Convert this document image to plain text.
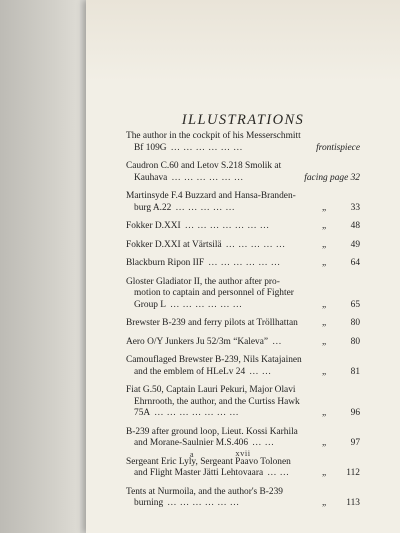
ILLUSTRATIONS
The author in the cockpit of his Messerschmitt
Bf 109G … … … … … …	frontispiece
Caudron C.60 and Letov S.218 Smolik at
Kauhava … … … … … …	facing page 32
Martinsyde F.4 Buzzard and Hansa-Branden-
burg A.22 … … … … …	„	33
Fokker D.XXI … … … … … … …	„	48
Fokker D.XXI at Värtsilä … … … … …	„	49
Blackburn Ripon IIF … … … … … …	„	64
Gloster Gladiator II, the author after pro-
motion to captain and personnel of Fighter
Group L … … … … … …	„	65
Brewster B-239 and ferry pilots at Tröllhattan	„	80
Aero O/Y Junkers Ju 52/3m “Kaleva” …	„	80
Camouflaged Brewster B-239, Nils Katajainen
and the emblem of HLeLv 24 … …	„	81
Fiat G.50, Captain Lauri Pekuri, Major Olavi
Ehrnrooth, the author, and the Curtiss Hawk
75A … … … … … … …	„	96
B-239 after ground loop, Lieut. Kossi Karhila
and Morane-Saulnier M.S.406 … …	„	97
Sergeant Eric Lyly, Sergeant Paavo Tolonen
and Flight Master Jätti Lehtovaara … …	„ 112
Tents at Nurmoila, and the author's B-239
burning … … … … … …	„ 113
a	xvii
